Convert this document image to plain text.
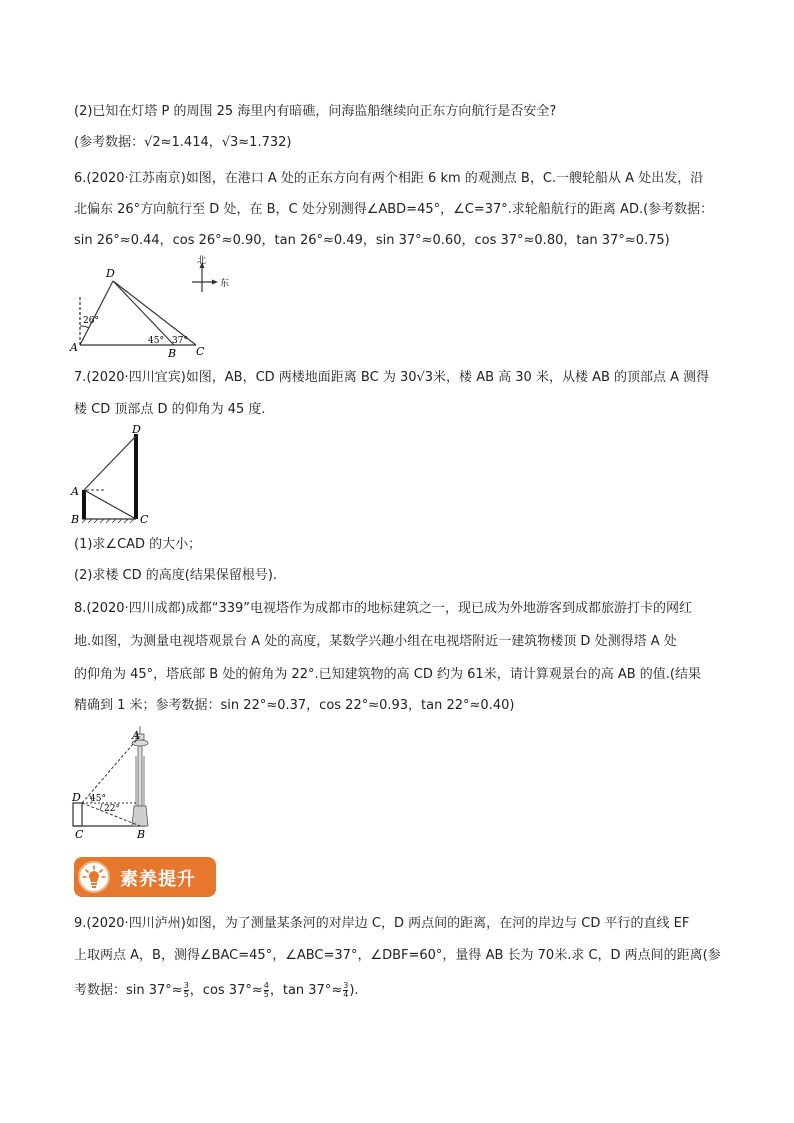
(2)已知在灯塔 P 的周围 25 海里内有暗礁，问海监船继续向正东方向航行是否安全?
(参考数据：√2≈1.414，√3≈1.732)
6.(2020·江苏南京)如图，在港口 A 处的正东方向有两个相距 6 km 的观测点 B，C.一艘轮船从 A 处出发，沿
北偏东 26°方向航行至 D 处，在 B，C 处分别测得∠ABD=45°，∠C=37°.求轮船航行的距离 AD.(参考数据：
sin 26°≈0.44，cos 26°≈0.90，tan 26°≈0.49，sin 37°≈0.60，cos 37°≈0.80，tan 37°≈0.75)
D
A	B C
26°
45° 37°
北
东
7.(2020·四川宜宾)如图，AB，CD 两楼地面距离 BC 为 30√3米，楼 AB 高 30 米，从楼 AB 的顶部点 A 测得
楼 CD 顶部点 D 的仰角为 45 度.
D
A
B	C
(1)求∠CAD 的大小；
(2)求楼 CD 的高度(结果保留根号).
8.(2020·四川成都)成都“339”电视塔作为成都市的地标建筑之一，现已成为外地游客到成都旅游打卡的网红
地.如图，为测量电视塔观景台 A 处的高度，某数学兴趣小组在电视塔附近一建筑物楼顶 D 处测得塔 A 处
的仰角为 45°，塔底部 B 处的俯角为 22°.已知建筑物的高 CD 约为 61米，请计算观景台的高 AB 的值.(结果
精确到 1 米；参考数据：sin 22°≈0.37，cos 22°≈0.93，tan 22°≈0.40)
A
B
C
D 45°
22°
素养提升
9.(2020·四川泸州)如图，为了测量某条河的对岸边 C，D 两点间的距离，在河的岸边与 CD 平行的直线 EF
上取两点 A，B，测得∠BAC=45°，∠ABC=37°，∠DBF=60°，量得 AB 长为 70米.求 C，D 两点间的距离(参
考数据：$\sin 37^\circ\approx \frac{3}{5}$ ，$\cos 37^\circ\approx \frac{4}{5}$ ，$\tan 37^\circ\approx \frac{3}{4}$ ).
